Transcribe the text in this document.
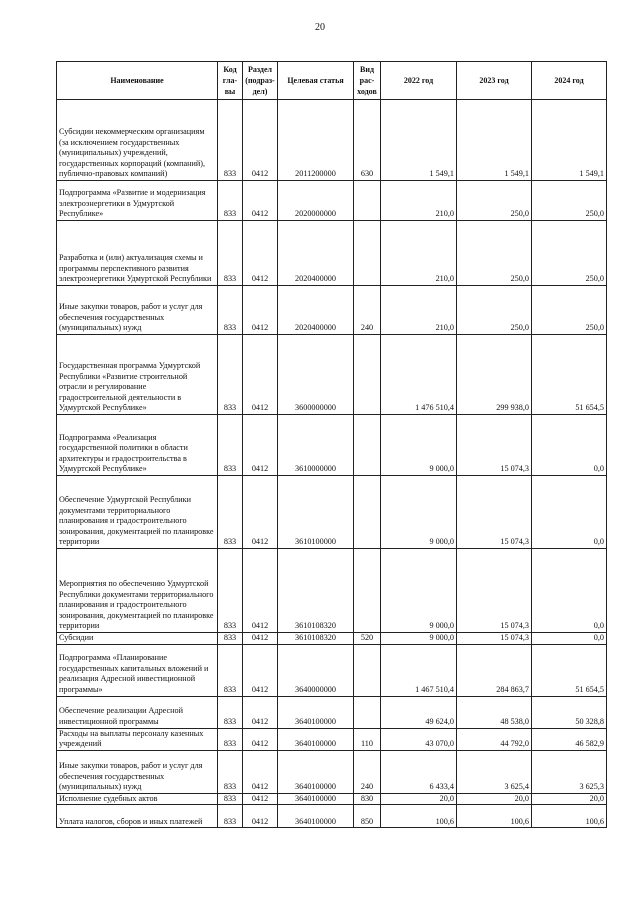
20
Наименование	Код гла- вы	Раздел (подраз- дел)	Целевая статья	Вид рас- ходов	2022 год	2023 год	2024 год
Субсидии некоммерческим организациям (за исключением государственных (муниципальных) учреждений, государственных корпораций (компаний), публично-правовых компаний)	833	0412	2011200000	630	1 549,1	1 549,1	1 549,1
Подпрограмма «Развитие и модернизация электроэнергетики в Удмуртской Республике»	833	0412	2020000000		210,0	250,0	250,0
Разработка и (или) актуализация схемы и программы перспективного развития электроэнергетики Удмуртской Республики	833	0412	2020400000		210,0	250,0	250,0
Иные закупки товаров, работ и услуг для обеспечения государственных (муниципальных) нужд	833	0412	2020400000	240	210,0	250,0	250,0
Государственная программа Удмуртской Республики «Развитие строительной отрасли и регулирование градостроительной деятельности в Удмуртской Республике»	833	0412	3600000000		1 476 510,4	299 938,0	51 654,5
Подпрограмма «Реализация государственной политики в области архитектуры и градостроительства в Удмуртской Республике»	833	0412	3610000000		9 000,0	15 074,3	0,0
Обеспечение Удмуртской Республики документами территориального планирования и градостроительного зонирования, документацией по планировке территории	833	0412	3610100000		9 000,0	15 074,3	0,0
Мероприятия по обеспечению Удмуртской Республики документами территориального планирования и градостроительного зонирования, документацией по планировке территории	833	0412	3610108320		9 000,0	15 074,3	0,0
Субсидии	833	0412	3610108320	520	9 000,0	15 074,3	0,0
Подпрограмма «Планирование государственных капитальных вложений и реализация Адресной инвестиционной программы»	833	0412	3640000000		1 467 510,4	284 863,7	51 654,5
Обеспечение реализации Адресной инвестиционной программы	833	0412	3640100000		49 624,0	48 538,0	50 328,8
Расходы на выплаты персоналу казенных учреждений	833	0412	3640100000	110	43 070,0	44 792,0	46 582,9
Иные закупки товаров, работ и услуг для обеспечения государственных (муниципальных) нужд	833	0412	3640100000	240	6 433,4	3 625,4	3 625,3
Исполнение судебных актов	833	0412	3640100000	830	20,0	20,0	20,0
Уплата налогов, сборов и иных платежей	833	0412	3640100000	850	100,6	100,6	100,6
